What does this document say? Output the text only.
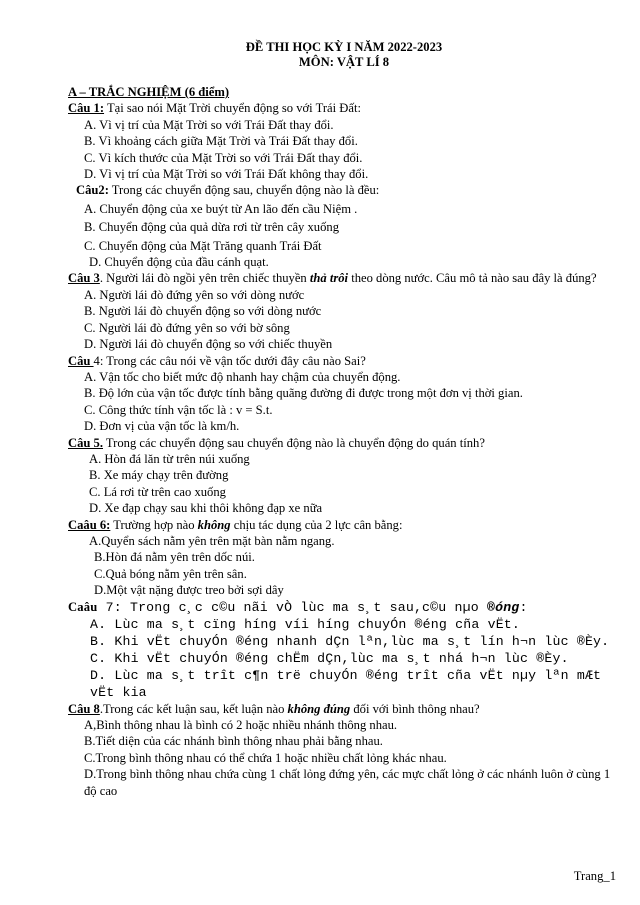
ĐỀ THI HỌC KỲ I NĂM 2022-2023
MÔN: VẬT LÍ 8
A – TRẮC NGHIỆM (6 điểm)
Câu 1: Tại sao nói Mặt Trời chuyển động so với Trái Đất:
A. Vì vị trí của Mặt Trời so với Trái Đất thay đổi.
B. Vì khoảng cách giữa Mặt Trời và Trái Đất thay đổi.
C. Vì kích thước của Mặt Trời so với Trái Đất thay đổi.
D. Vì vị trí của Mặt Trời so với Trái Đất không thay đổi.
Câu2: Trong các chuyển động sau, chuyển động nào là đều:
A. Chuyển động của xe buýt từ An lão đến cầu Niệm .
B. Chuyển động của quả dừa rơi từ trên cây xuống
C. Chuyển động của Mặt Trăng quanh Trái Đất
D. Chuyển động của đầu cánh quạt.
Câu 3. Người lái đò ngồi yên trên chiếc thuyền thả trôi theo dòng nước. Câu mô tả nào sau đây là đúng?
A. Người lái đò đứng yên so với dòng nước
B. Người lái đò chuyển động so với dòng nước
C. Người lái đò đứng yên so với bờ sông
D. Người lái đò chuyển động so với chiếc thuyền
Câu 4: Trong các câu nói về vận tốc dưới đây câu nào Sai?
A. Vận tốc cho biết mức độ nhanh hay chậm của chuyển động.
B. Độ lớn của vận tốc được tính bằng quãng đường đi được trong một đơn vị thời gian.
C. Công thức tính vận tốc là : v = S.t.
D. Đơn vị của vận tốc là km/h.
Câu 5. Trong các chuyển động sau chuyển động nào là chuyển động do quán tính?
A. Hòn đá lăn từ trên núi xuống
B. Xe máy chạy trên đường
C. Lá rơi từ trên cao xuống
D. Xe đạp chạy sau khi thôi không đạp xe nữa
Caâu 6: Trường hợp nào không chịu tác dụng của 2 lực cân bằng:
A.Quyển sách nằm yên trên mặt bàn nằm ngang.
B.Hòn đá nằm yên trên dốc núi.
C.Quả bóng nằm yên trên sân.
D.Một vật nặng được treo bởi sợi dây
Caâu 7: Trong c¸c c©u nãi vÒ lùc ma s¸t sau,c©u nµo ®óng:
A. Lùc ma s¸t cïng híng víi híng chuyÓn ®éng cña vËt.
B. Khi vËt chuyÓn ®éng nhanh dÇn lªn,lùc ma s¸t lín h¬n lùc ®Èy.
C. Khi vËt chuyÓn ®éng chËm dÇn,lùc ma s¸t nhá h¬n lùc ®Èy.
D. Lùc ma s¸t trît c¶n trë chuyÓn ®éng trît cña vËt nµy lªn mÆt vËt kia
Câu 8.Trong các kết luận sau, kết luận nào không đúng đối với bình thông nhau?
A,Bình thông nhau là bình có 2 hoặc nhiều nhánh thông nhau.
B.Tiết diện của các nhánh bình thông nhau phải bằng nhau.
C.Trong bình thông nhau có thể chứa 1 hoặc nhiều chất lỏng khác nhau.
D.Trong bình thông nhau chứa cùng 1 chất lỏng đứng yên, các mực chất lỏng ở các nhánh luôn ở cùng 1 độ cao
Trang_1
